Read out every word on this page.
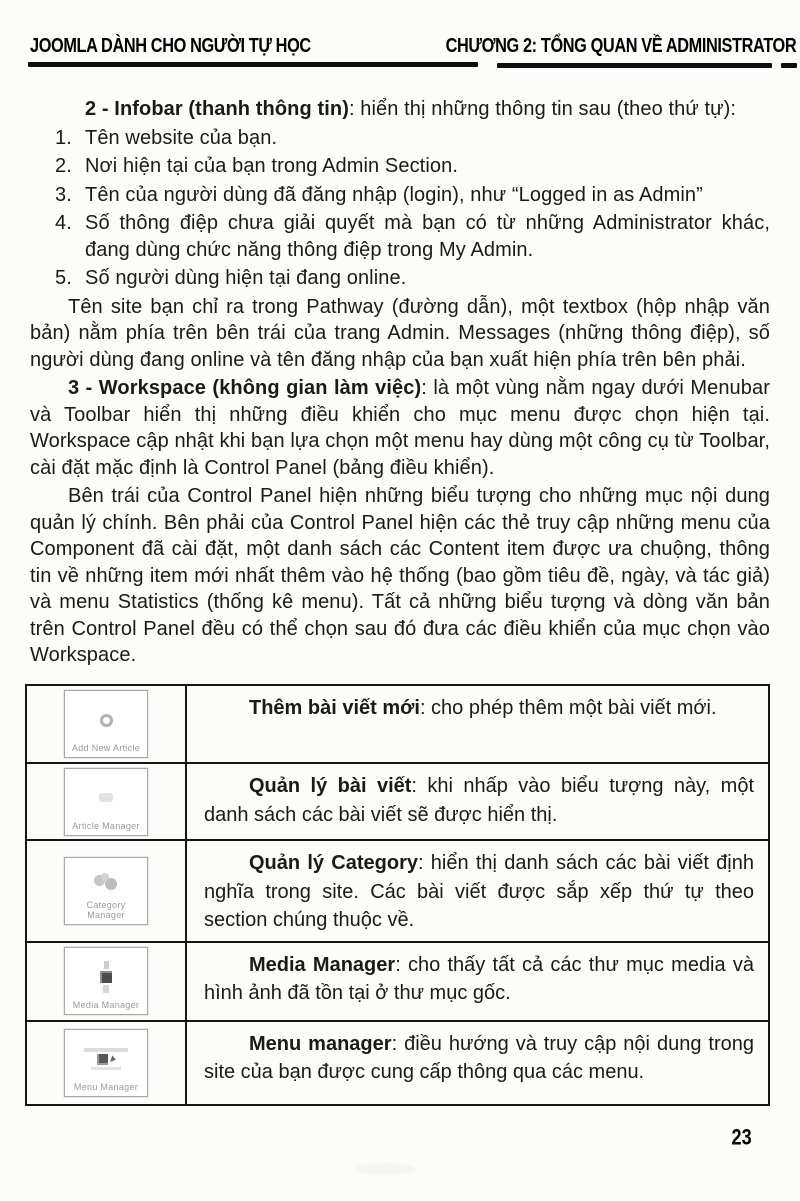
JOOMLA DÀNH CHO NGƯỜI TỰ HỌC	CHƯƠNG 2: TỔNG QUAN VỀ ADMINISTRATOR

2 - Infobar (thanh thông tin): hiển thị những thông tin sau (theo thứ tự):

1. Tên website của bạn.
2. Nơi hiện tại của bạn trong Admin Section.
3. Tên của người dùng đã đăng nhập (login), như “Logged in as Admin”
4. Số thông điệp chưa giải quyết mà bạn có từ những Administrator khác, đang dùng chức năng thông điệp trong My Admin.
5. Số người dùng hiện tại đang online.

Tên site bạn chỉ ra trong Pathway (đường dẫn), một textbox (hộp nhập văn bản) nằm phía trên bên trái của trang Admin. Messages (những thông điệp), số người dùng đang online và tên đăng nhập của bạn xuất hiện phía trên bên phải.

3 - Workspace (không gian làm việc): là một vùng nằm ngay dưới Menubar và Toolbar hiển thị những điều khiển cho mục menu được chọn hiện tại. Workspace cập nhật khi bạn lựa chọn một menu hay dùng một công cụ từ Toolbar, cài đặt mặc định là Control Panel (bảng điều khiển).

Bên trái của Control Panel hiện những biểu tượng cho những mục nội dung quản lý chính. Bên phải của Control Panel hiện các thẻ truy cập những menu của Component đã cài đặt, một danh sách các Content item được ưa chuộng, thông tin về những item mới nhất thêm vào hệ thống (bao gồm tiêu đề, ngày, và tác giả) và menu Statistics (thống kê menu). Tất cả những biểu tượng và dòng văn bản trên Control Panel đều có thể chọn sau đó đưa các điều khiển của mục chọn vào Workspace.

Add New Article

Thêm bài viết mới: cho phép thêm một bài viết mới.

Article Manager

Quản lý bài viết: khi nhấp vào biểu tượng này, một danh sách các bài viết sẽ được hiển thị.

Category Manager

Quản lý Category: hiển thị danh sách các bài viết định nghĩa trong site. Các bài viết được sắp xếp thứ tự theo section chúng thuộc về.

Media Manager

Media Manager: cho thấy tất cả các thư mục media và hình ảnh đã tồn tại ở thư mục gốc.

Menu Manager

Menu manager: điều hướng và truy cập nội dung trong site của bạn được cung cấp thông qua các menu.

23
